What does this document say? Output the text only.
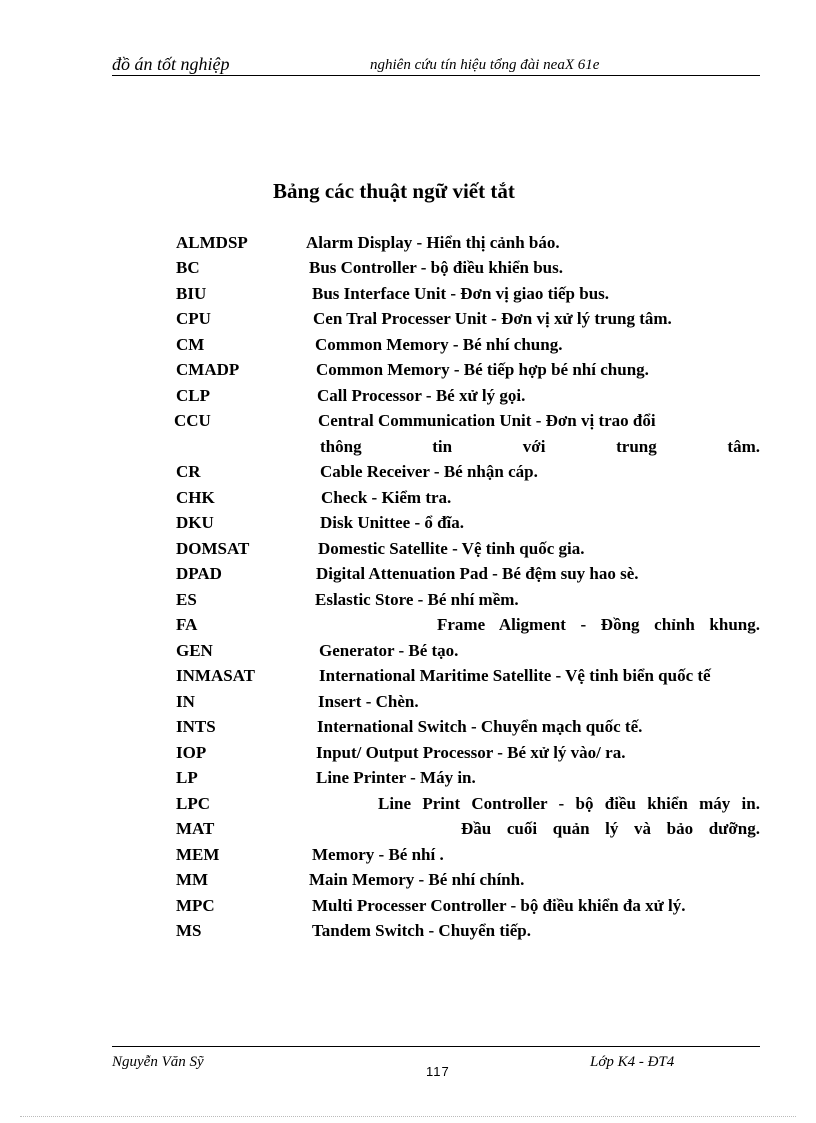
đồ án tốt nghiệp	nghiên cứu tín hiệu tổng đài neaX 61e
Bảng các thuật ngữ viết tắt
ALMDSP	Alarm Display - Hiển thị cảnh báo.
BC	Bus Controller - bộ điều khiển bus.
BIU	Bus Interface Unit - Đơn vị giao tiếp bus.
CPU	Cen Tral Processer Unit - Đơn vị xử lý trung tâm.
CM	Common Memory - Bé nhí chung.
CMADP	Common Memory - Bé tiếp hợp bé nhí chung.
CLP	Call Processor - Bé xử lý gọi.
CCU	Central Communication Unit - Đơn vị trao đổi
thông tin với trung tâm.
CR	Cable Receiver - Bé nhận cáp.
CHK	Check - Kiểm tra.
DKU	Disk Unittee - ổ đĩa.
DOMSAT	Domestic Satellite - Vệ tinh quốc gia.
DPAD	Digital Attenuation Pad - Bé đệm suy hao sè.
ES	Eslastic Store - Bé nhí mềm.
FA	Frame Aligment - Đồng chỉnh khung.
GEN	Generator - Bé tạo.
INMASAT	International Maritime Satellite - Vệ tinh biển quốc tế
IN	Insert - Chèn.
INTS	International Switch - Chuyển mạch quốc tế.
IOP	Input/ Output Processor - Bé xử lý vào/ ra.
LP	Line Printer - Máy in.
LPC	Line Print Controller - bộ điều khiển máy in.
MAT	Đầu cuối quản lý và bảo dưỡng.
MEM	Memory - Bé nhí .
MM	Main Memory - Bé nhí chính.
MPC	Multi Processer Controller - bộ điều khiển đa xử lý.
MS	Tandem Switch - Chuyển tiếp.
Nguyễn Văn Sỹ
117
Lớp K4 - ĐT4
